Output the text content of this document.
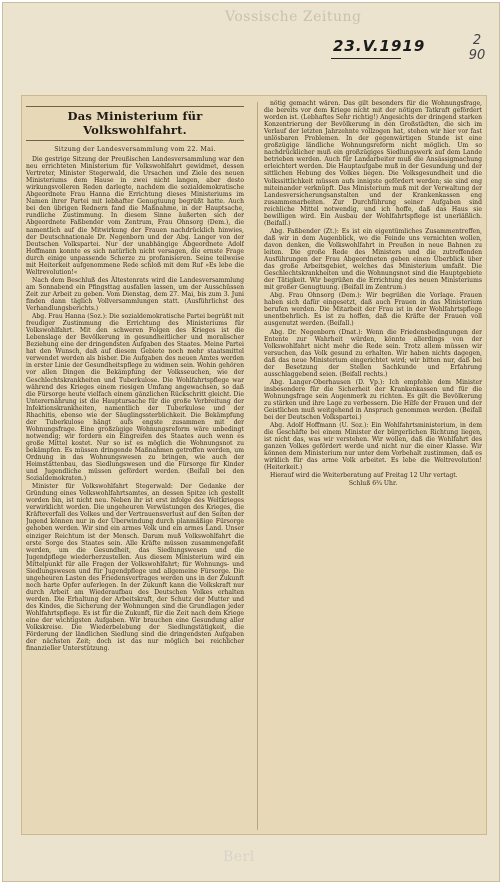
Vossische Zeitung
23.V.1919	2
90
Das Ministerium für Volkswohlfahrt.
Sitzung der Landesversammlung vom 22. Mai.

Die gestrige Sitzung der Preußischen Landesversammlung war den neu errichteten Ministerium für Volkswohlfahrt gewidmet, dessen Vertreter, Minister Stegerwald, die Ursachen und Ziele des neuen Ministeriums dem Hause in zwei nicht langen, aber desto wirkungsvolleren Reden darlegte, nachdem die sozialdemokratische Abgeordnete Frau Hanna die Errichtung dieses Ministeriums im Namen ihrer Partei mit lebhafter Genugtuung begrüßt hatte. Auch bei den übrigen Rednern fand die Maßnahme, in der Hauptsache, rundliche Zustimmung. In diesem Sinne äußerten sich der Abgeordnete Faßbender vom Zentrum, Frau Ohnsorg (Dem.), die namentlich auf die Mitwirkung der Frauen nachdrücklich hinwies, der Deutschnationale Dr. Negenborn und der Abg. Langer von der Deutschen Volkspartei. Nur der unabhängige Abgeordnete Adolf Hoffmann konnte es sich natürlich nicht versagen, die ernste Frage durch einige unpassende Scherze zu profanisieren. Seine teilweise mit Heiterkeit aufgenommene Rede schloß mit dem Ruf »Es lebe die Weltrevolution!«

Nach dem Beschluß des Ältestenrats wird die Landesversammlung am Sonnabend ein Pfingsttag ausfallen lassen, um der Ausschüssen Zeit zur Arbeit zu geben. Vom Dienstag, dem 27. Mai, bis zum 3. Juni finden dann täglich Vollversammlungen statt. (Ausführlichst des Verhandlungsberichts.)

Abg. Frau Hanna (Soz.): Die sozialdemokratische Partei begrüßt mit freudiger Zustimmung die Errichtung des Ministeriums für Volkswohlfahrt. Mit den schweren Folgen des Krieges ist die Lebenslage der Bevölkerung in gesundheitlicher und moralischer Beziehung eine der dringendsten Aufgaben des Staates. Meine Partei hat den Wunsch, daß auf diesem Gebiete noch mehr staatsmittel verwendet werden als bisher. Die Aufgaben des neuen Amtes werden in erster Linie der Gesundheitspflege zu widmen sein. Wohin gehören vor allen Dingen die Bekämpfung der Volksseuchen, wie der Geschlechtskrankheiten und Tuberkulose. Die Wohlfahrtspflege war während des Krieges einem riesigen Umfang angewachsen, so daß die Fürsorge heute vielfach einem gänzlichen Rückschritt gleicht. Die Unterernährung ist die Hauptursache für die große Verbreitung der Infektionskrankheiten, namentlich der Tuberkulose und der Rhachitis, ebenso wie der Säuglingssterblichkeit. Die Bekämpfung der Tuberkulose hängt aufs engste zusammen mit der Wohnungsfrage. Eine großzügige Wohnungsreform wäre unbedingt notwendig; wir fordern ein Eingreifen des Staates auch wenn es große Mittel kostet. Nur so ist es möglich die Wohnungsnot zu bekämpfen. Es müssen dringende Maßnahmen getroffen werden, um Ordnung in das Wohnungswesen zu bringen, wie auch der Heimstättenbau, das Siedlungswesen und die Fürsorge für Kinder und Jugendliche müssen gefördert werden. (Beifall bei den Sozialdemokraten.)

Minister für Volkswohlfahrt Stegerwald: Der Gedanke der Gründung eines Volkswohlfahrtsamtes, an dessen Spitze ich gestellt worden bin, ist nicht neu. Neben ihr ist erst infolge des Weltkrieges verwirklicht worden. Die ungeheuren Verwüstungen des Krieges, die Kräfteverfall des Volkes und der Vertrauensverlust auf den Seiten der Jugend können nur in der Überwindung durch planmäßige Fürsorge gehoben werden. Wir sind ein armes Volk und ein armes Land. Unser einziger Reichtum ist der Mensch. Darum muß Volkswohlfahrt die erste Sorge des Staates sein. Alle Kräfte müssen zusammengefaßt werden, um die Gesundheit, das Siedlungswesen und die Jugendpflege wiederherzustellen. Aus diesem Ministerium wird ein Mittelpunkt für alle Fragen der Volkswohlfahrt; für Wohnungs- und Siedlungswesen und für Jugendpflege und allgemeine Fürsorge. Die ungeheuren Lasten des Friedensvertrages werden uns in der Zukunft noch harte Opfer auferlegen. In der Zukunft kann die Volkskraft nur durch Arbeit am Wiederaufbau des Deutschen Volkes erhalten werden. Die Erhaltung der Arbeitskraft, der Schutz der Mutter und des Kindes, die Sicherung der Wohnungen sind die Grundlagen jeder Wohlfahrtspflege. Es ist für die Zukunft, für die Zeit nach dem Kriege eine der wichtigsten Aufgaben. Wir brauchen eine Gesundung aller Volkskreise. Die Wiederbelebung der Siedlungstätigkeit, die Förderung der ländlichen Siedlung sind die dringendsten Aufgaben der nächsten Zeit; doch ist das nur möglich bei reichlicher finanzieller Unterstützung.

nötig gemacht wären. Das gilt besonders für die Wohnungsfrage, die bereits vor dem Kriege nicht mit der nötigen Tatkraft gefördert worden ist. (Lebhaftes Sehr richtig!) Angesichts der dringend starken Konzentrierung der Bevölkerung in den Großstädten, die sich im Verlauf der letzten Jahrzehnte vollzogen hat, stehen wir hier vor fast unlösbaren Problemen. In der gegenwärtigen Stunde ist eine großzügige ländliche Wohnungsreform nicht möglich. Um so nachdrücklicher muß ein großzügiges Siedlungswerk auf dem Lande betrieben werden. Auch für Landarbeiter muß die Ansässigmachung erleichtert werden. Die Hauptaufgabe muß in der Gesundung und der sittlichen Hebung des Volkes liegen. Die Volksgesundheit und die Volkssittlichkeit müssen aufs innigste gefördert werden; sie sind eng miteinander verknüpft. Das Ministerium muß mit der Verwaltung der Landesversicherungsanstalten und der Krankenkassen eng zusammenarbeiten. Zur Durchführung seiner Aufgaben sind reichliche Mittel notwendig, und ich hoffe, daß das Haus sie bewilligen wird. Ein Ausbau der Wohlfahrtspflege ist unerläßlich. (Beifall.)

Abg. Faßbender (Zt.): Es ist ein eigentümliches Zusammentreffen, daß wir in dem Augenblick, wo die Feinde uns vernichten wollen, davon denken, die Volkswohlfahrt in Preußen in neue Bahnen zu leiten. Die große Rede des Ministers und die zutreffenden Ausführungen der Frau Abgeordneten geben einen Überblick über das große Arbeitsgebiet, welches das Ministerium umfaßt. Die Geschlechtskrankheiten und die Wohnungsnot sind die Hauptgebiete der Tätigkeit. Wir begrüßen die Errichtung des neuen Ministeriums mit großer Genugtuung. (Beifall im Zentrum.)

Abg. Frau Ohnsorg (Dem.): Wir begrüßen die Vorlage. Frauen haben sich dafür eingesetzt, daß auch Frauen in das Ministerium berufen werden. Die Mitarbeit der Frau ist in der Wohlfahrtspflege unentbehrlich. Es ist zu hoffen, daß die Kräfte der Frauen voll ausgenutzt werden. (Beifall.)

Abg. Dr. Negenborn (Dnat.): Wenn die Friedensbedingungen der Entente zur Wahrheit würden, könnte allerdings von der Volkswohlfahrt nicht mehr die Rede sein. Trotz allem müssen wir versuchen, das Volk gesund zu erhalten. Wir haben nichts dagegen, daß das neue Ministerium eingerichtet wird; wir bitten nur, daß bei der Besetzung der Stellen Sachkunde und Erfahrung ausschlaggebend seien. (Beifall rechts.)

Abg. Langer-Oberhausen (D. Vp.): Ich empfehle dem Minister insbesondere für die Sicherheit der Krankenkassen und für die Wohnungsfrage sein Augenmerk zu richten. Es gilt die Bevölkerung zu stärken und ihre Lage zu verbessern. Die Hilfe der Frauen und der Geistlichen muß weitgehend in Anspruch genommen werden. (Beifall bei der Deutschen Volkspartei.)

Abg. Adolf Hoffmann (U. Soz.): Ein Wohlfahrtsministerium, in dem die Geschäfte bei einem Minister der bürgerlichen Richtung liegen, ist nicht das, was wir verstehen. Wir wollen, daß die Wohlfahrt des ganzen Volkes gefördert werde und nicht nur die einer Klasse. Wir können dem Ministerium nur unter dem Vorbehalt zustimmen, daß es wirklich für das arme Volk arbeitet. Es lebe die Weltrevolution! (Heiterkeit.)

Hierauf wird die Weiterberatung auf Freitag 12 Uhr vertagt.

Schluß 6¾ Uhr.

Berl
